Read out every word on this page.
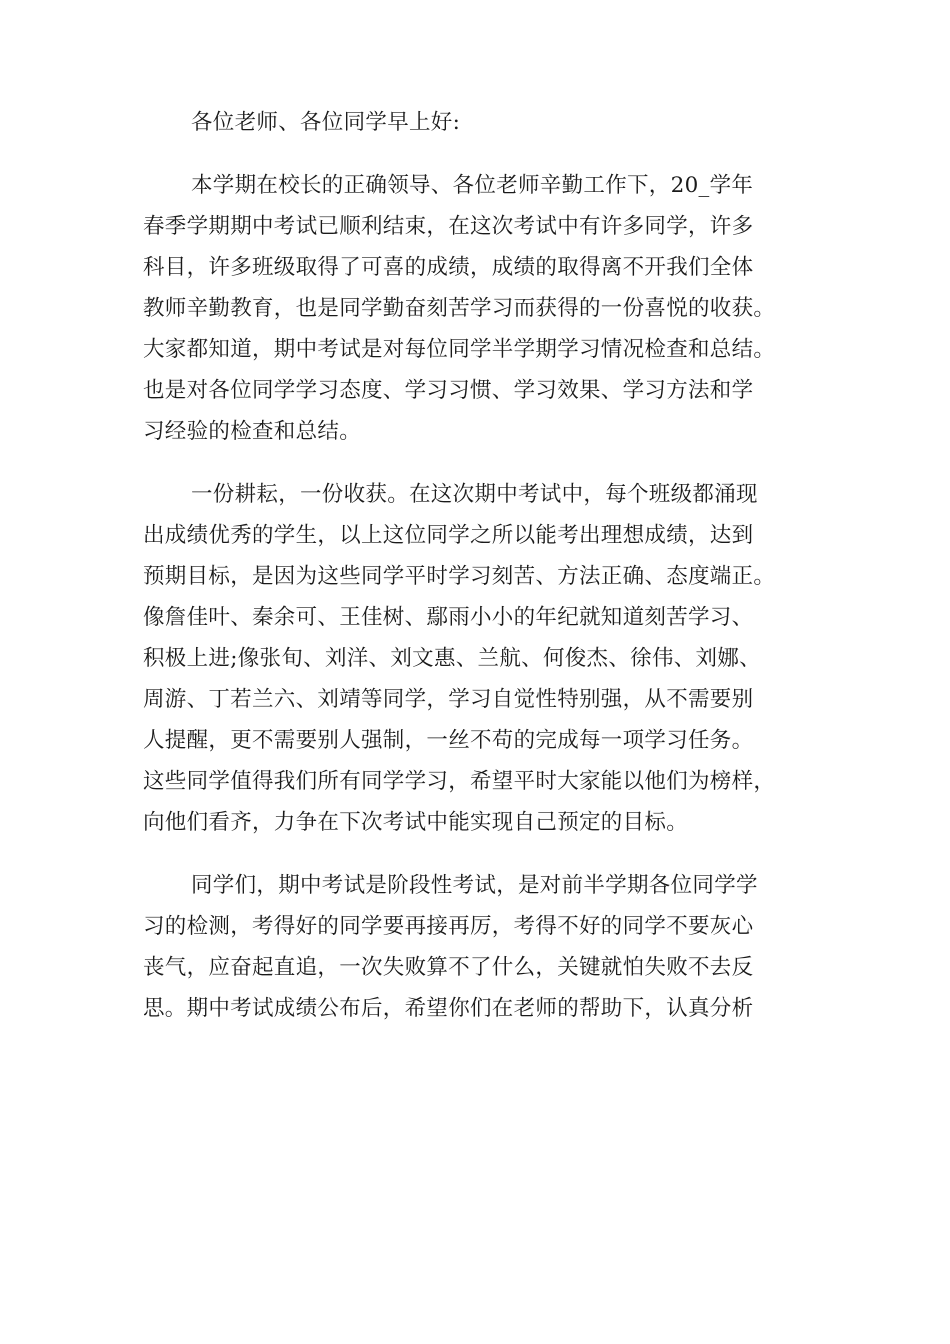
各位老师、各位同学早上好:

本学期在校长的正确领导、各位老师辛勤工作下，20_学年
春季学期期中考试已顺利结束，在这次考试中有许多同学，许多
科目，许多班级取得了可喜的成绩，成绩的取得离不开我们全体
教师辛勤教育，也是同学勤奋刻苦学习而获得的一份喜悦的收获。
大家都知道，期中考试是对每位同学半学期学习情况检查和总结。
也是对各位同学学习态度、学习习惯、学习效果、学习方法和学
习经验的检查和总结。

一份耕耘，一份收获。在这次期中考试中，每个班级都涌现
出成绩优秀的学生，以上这位同学之所以能考出理想成绩，达到
预期目标，是因为这些同学平时学习刻苦、方法正确、态度端正。
像詹佳叶、秦余可、王佳树、鄢雨小小的年纪就知道刻苦学习、
积极上进;像张旬、刘洋、刘文惠、兰航、何俊杰、徐伟、刘娜、
周游、丁若兰六、刘靖等同学，学习自觉性特别强，从不需要别
人提醒，更不需要别人强制，一丝不苟的完成每一项学习任务。
这些同学值得我们所有同学学习，希望平时大家能以他们为榜样，
向他们看齐，力争在下次考试中能实现自己预定的目标。

同学们，期中考试是阶段性考试，是对前半学期各位同学学
习的检测，考得好的同学要再接再厉，考得不好的同学不要灰心
丧气，应奋起直追，一次失败算不了什么，关键就怕失败不去反
思。期中考试成绩公布后，希望你们在老师的帮助下，认真分析
